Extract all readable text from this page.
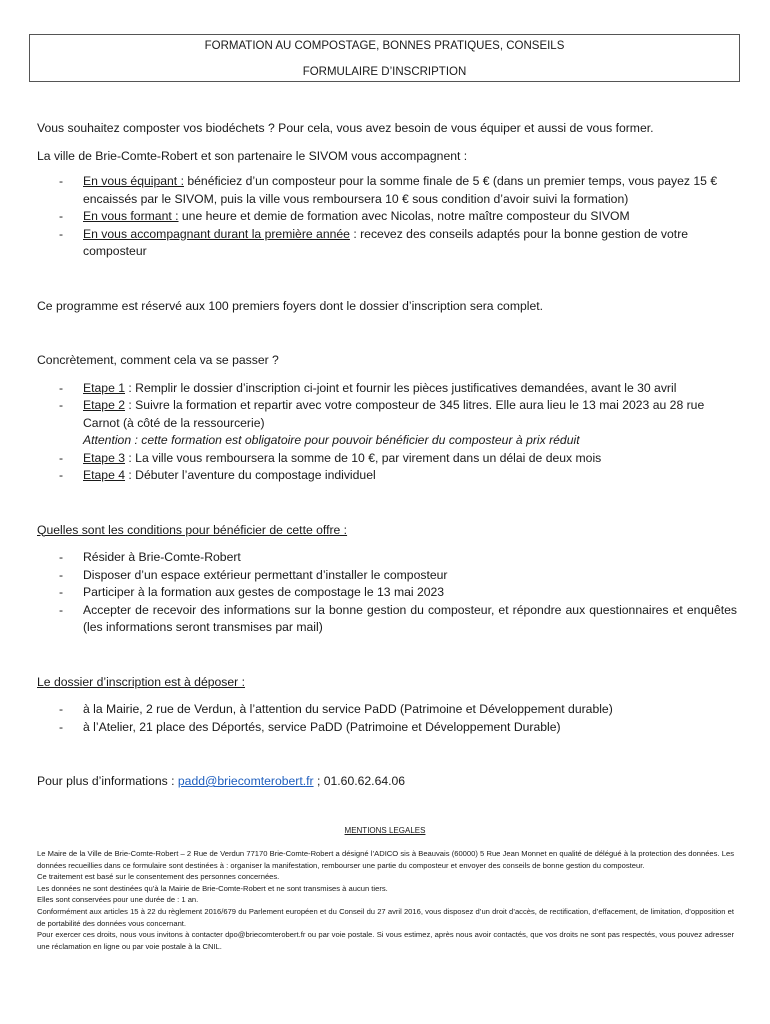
FORMATION AU COMPOSTAGE, BONNES PRATIQUES, CONSEILS
FORMULAIRE D’INSCRIPTION

Vous souhaitez composter vos biodéchets ? Pour cela, vous avez besoin de vous équiper et aussi de vous former.

La ville de Brie-Comte-Robert et son partenaire le SIVOM vous accompagnent :

- En vous équipant : bénéficiez d’un composteur pour la somme finale de 5 € (dans un premier temps, vous payez 15 € encaissés par le SIVOM, puis la ville vous remboursera 10 € sous condition d’avoir suivi la formation)
- En vous formant : une heure et demie de formation avec Nicolas, notre maître composteur du SIVOM
- En vous accompagnant durant la première année : recevez des conseils adaptés pour la bonne gestion de votre composteur

Ce programme est réservé aux 100 premiers foyers dont le dossier d’inscription sera complet.

Concrètement, comment cela va se passer ?

- Etape 1 : Remplir le dossier d’inscription ci-joint et fournir les pièces justificatives demandées, avant le 30 avril
- Etape 2 : Suivre la formation et repartir avec votre composteur de 345 litres. Elle aura lieu le 13 mai 2023 au 28 rue Carnot (à côté de la ressourcerie)
Attention : cette formation est obligatoire pour pouvoir bénéficier du composteur à prix réduit
- Etape 3 : La ville vous remboursera la somme de 10 €, par virement dans un délai de deux mois
- Etape 4 : Débuter l’aventure du compostage individuel

Quelles sont les conditions pour bénéficier de cette offre :

- Résider à Brie-Comte-Robert
- Disposer d’un espace extérieur permettant d’installer le composteur
- Participer à la formation aux gestes de compostage le 13 mai 2023
- Accepter de recevoir des informations sur la bonne gestion du composteur, et répondre aux questionnaires et enquêtes (les informations seront transmises par mail)

Le dossier d’inscription est à déposer :

- à la Mairie, 2 rue de Verdun, à l’attention du service PaDD (Patrimoine et Développement durable)
- à l’Atelier, 21 place des Déportés, service PaDD (Patrimoine et Développement Durable)

Pour plus d’informations : padd@briecomterobert.fr ; 01.60.62.64.06

MENTIONS LEGALES

Le Maire de la Ville de Brie-Comte-Robert – 2 Rue de Verdun 77170 Brie-Comte-Robert a désigné l’ADICO sis à Beauvais (60000) 5 Rue Jean Monnet en qualité de délégué à la protection des données. Les données recueillies dans ce formulaire sont destinées à : organiser la manifestation, rembourser une partie du composteur et envoyer des conseils de bonne gestion du composteur.

Ce traitement est basé sur le consentement des personnes concernées.

Les données ne sont destinées qu’à la Mairie de Brie-Comte-Robert et ne sont transmises à aucun tiers.

Elles sont conservées pour une durée de : 1 an.

Conformément aux articles 15 à 22 du règlement 2016/679 du Parlement européen et du Conseil du 27 avril 2016, vous disposez d’un droit d’accès, de rectification, d’effacement, de limitation, d’opposition et de portabilité des données vous concernant.

Pour exercer ces droits, nous vous invitons à contacter dpo@briecomterobert.fr ou par voie postale. Si vous estimez, après nous avoir contactés, que vos droits ne sont pas respectés, vous pouvez adresser une réclamation en ligne ou par voie postale à la CNIL.
